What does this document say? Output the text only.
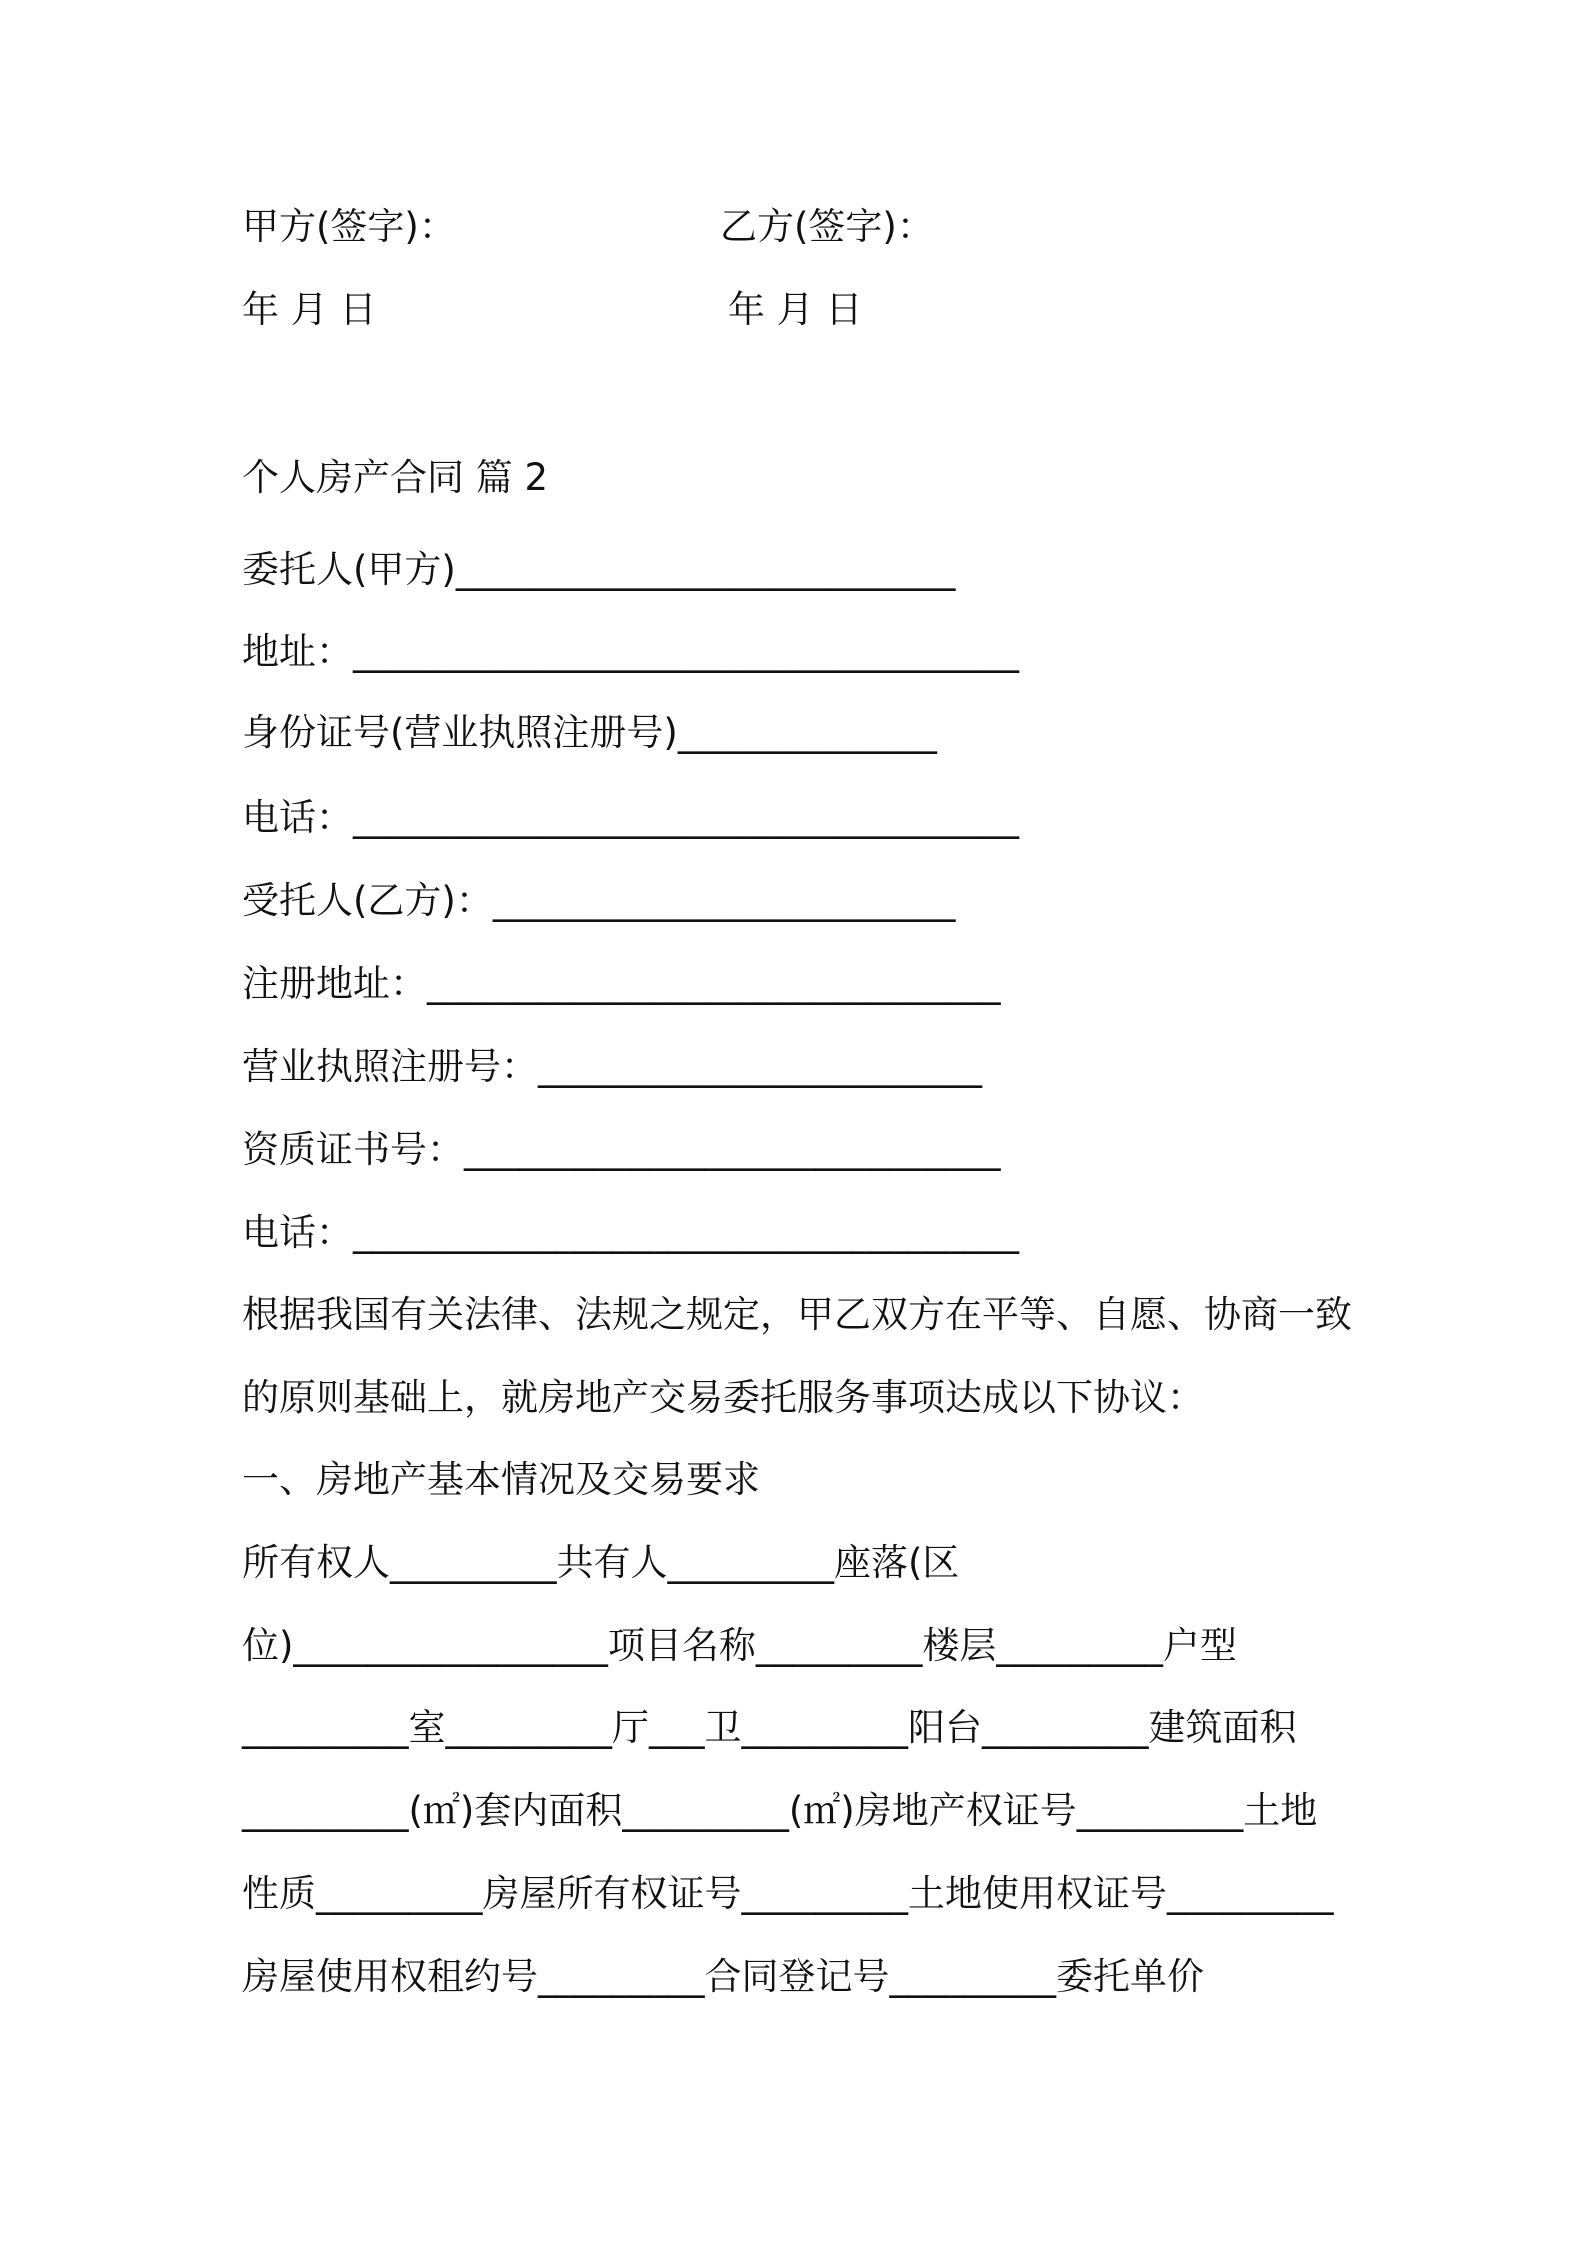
甲方(签字)：	乙方(签字)：
年 月 日	年 月 日
个人房产合同 篇 2
委托人(甲方)___________________________
地址：____________________________________
身份证号(营业执照注册号)______________
电话：____________________________________
受托人(乙方)：_________________________
注册地址：_______________________________
营业执照注册号：________________________
资质证书号：_____________________________
电话：____________________________________
根据我国有关法律、法规之规定，甲乙双方在平等、自愿、协商一致
的原则基础上，就房地产交易委托服务事项达成以下协议：
一、房地产基本情况及交易要求
所有权人_________共有人_________座落(区
位)_________________项目名称_________楼层_________户型
_________室_________厅___卫_________阳台_________建筑面积
_________(㎡)套内面积_________(㎡)房地产权证号_________土地
性质_________房屋所有权证号_________土地使用权证号_________
房屋使用权租约号_________合同登记号_________委托单价
